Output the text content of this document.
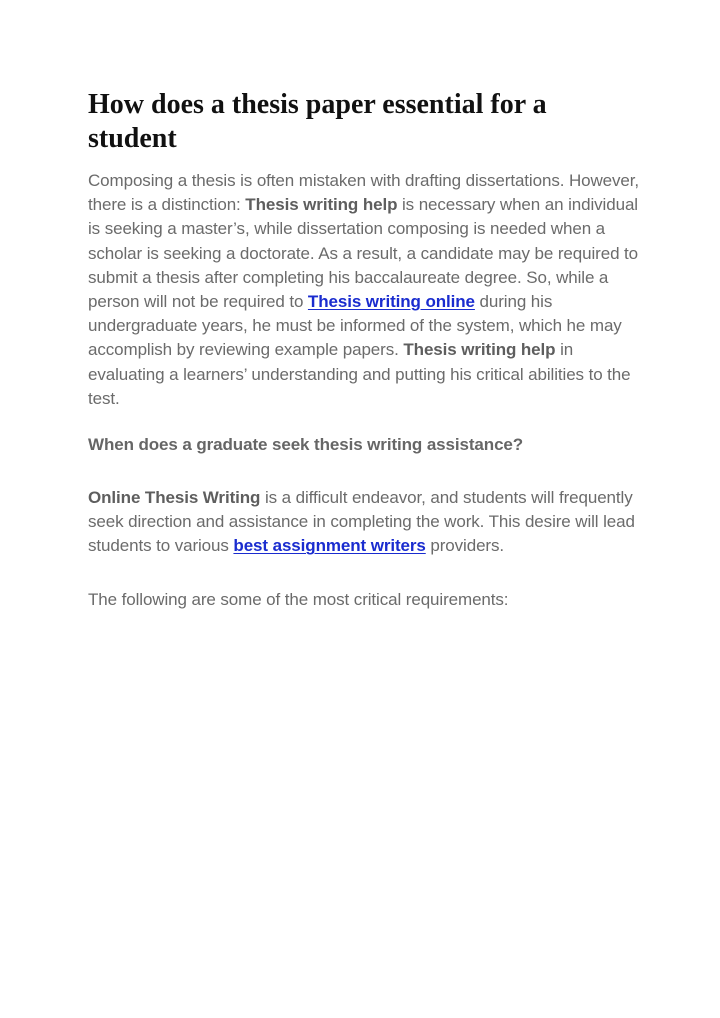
How does a thesis paper essential for a student

Composing a thesis is often mistaken with drafting dissertations. However, there is a distinction: Thesis writing help is necessary when an individual is seeking a master’s, while dissertation composing is needed when a scholar is seeking a doctorate. As a result, a candidate may be required to submit a thesis after completing his baccalaureate degree. So, while a person will not be required to Thesis writing online during his undergraduate years, he must be informed of the system, which he may accomplish by reviewing example papers. Thesis writing help in evaluating a learners’ understanding and putting his critical abilities to the test.

When does a graduate seek thesis writing assistance?

Online Thesis Writing is a difficult endeavor, and students will frequently seek direction and assistance in completing the work. This desire will lead students to various best assignment writers providers.

The following are some of the most critical requirements:
